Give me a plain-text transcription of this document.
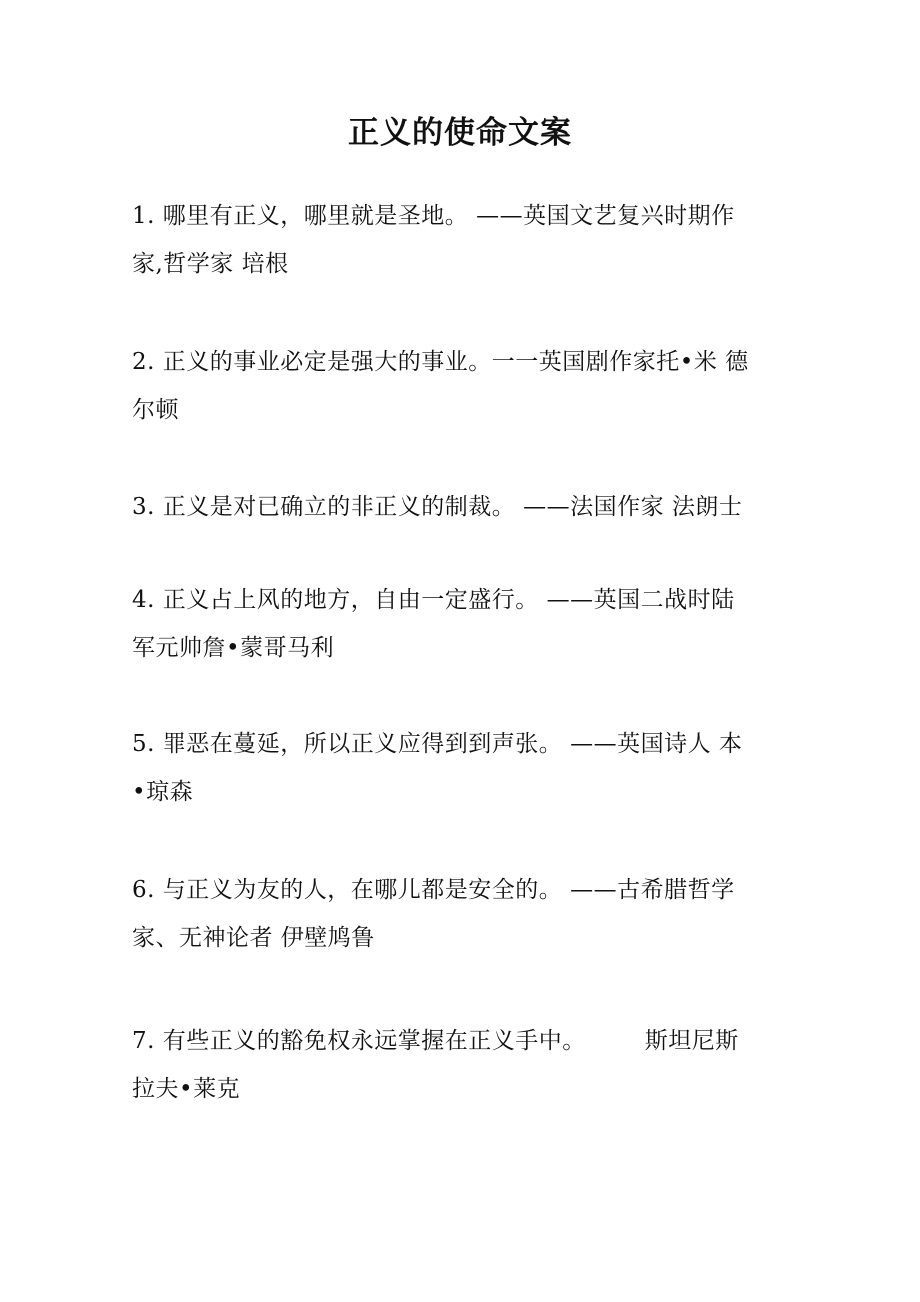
正义的使命文案

1. 哪里有正义，哪里就是圣地。 ——英国文艺复兴时期作
家,哲学家 培根

2. 正义的事业必定是强大的事业。一一英国剧作家托•米 德
尔顿

3. 正义是对已确立的非正义的制裁。 ——法国作家 法朗士

4. 正义占上风的地方，自由一定盛行。 ——英国二战时陆
军元帅詹•蒙哥马利

5. 罪恶在蔓延，所以正义应得到到声张。 ——英国诗人 本
•琼森

6. 与正义为友的人，在哪儿都是安全的。 ——古希腊哲学
家、无神论者 伊壁鸠鲁

7. 有些正义的豁免权永远掌握在正义手中。　　　斯坦尼斯
拉夫•莱克
